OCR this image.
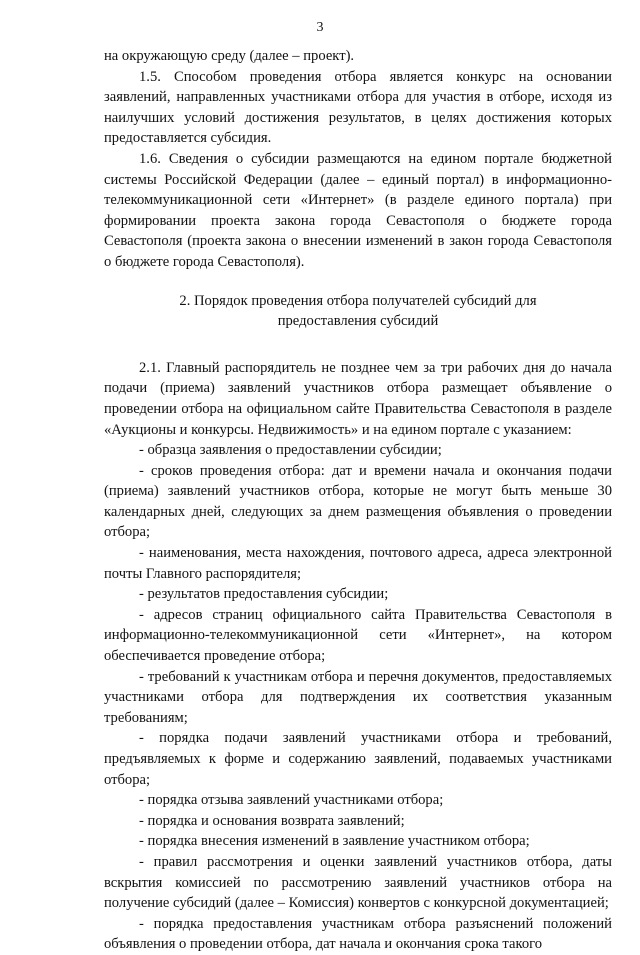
3

на окружающую среду (далее – проект).

1.5. Способом проведения отбора является конкурс на основании заявлений, направленных участниками отбора для участия в отборе, исходя из наилучших условий достижения результатов, в целях достижения которых предоставляется субсидия.

1.6. Сведения о субсидии размещаются на едином портале бюджетной системы Российской Федерации (далее – единый портал) в информационно-телекоммуникационной сети «Интернет» (в разделе единого портала) при формировании проекта закона города Севастополя о бюджете города Севастополя (проекта закона о внесении изменений в закон города Севастополя о бюджете города Севастополя).

2. Порядок проведения отбора получателей субсидий для предоставления субсидий

2.1. Главный распорядитель не позднее чем за три рабочих дня до начала подачи (приема) заявлений участников отбора размещает объявление о проведении отбора на официальном сайте Правительства Севастополя в разделе «Аукционы и конкурсы. Недвижимость» и на едином портале с указанием:

- образца заявления о предоставлении субсидии;

- сроков проведения отбора: дат и времени начала и окончания подачи (приема) заявлений участников отбора, которые не могут быть меньше 30 календарных дней, следующих за днем размещения объявления о проведении отбора;

- наименования, места нахождения, почтового адреса, адреса электронной почты Главного распорядителя;

- результатов предоставления субсидии;

- адресов страниц официального сайта Правительства Севастополя в информационно-телекоммуникационной сети «Интернет», на котором обеспечивается проведение отбора;

- требований к участникам отбора и перечня документов, предоставляемых участниками отбора для подтверждения их соответствия указанным требованиям;

- порядка подачи заявлений участниками отбора и требований, предъявляемых к форме и содержанию заявлений, подаваемых участниками отбора;

- порядка отзыва заявлений участниками отбора;

- порядка и основания возврата заявлений;

- порядка внесения изменений в заявление участником отбора;

- правил рассмотрения и оценки заявлений участников отбора, даты вскрытия комиссией по рассмотрению заявлений участников отбора на получение субсидий (далее – Комиссия) конвертов с конкурсной документацией;

- порядка предоставления участникам отбора разъяснений положений объявления о проведении отбора, дат начала и окончания срока такого
